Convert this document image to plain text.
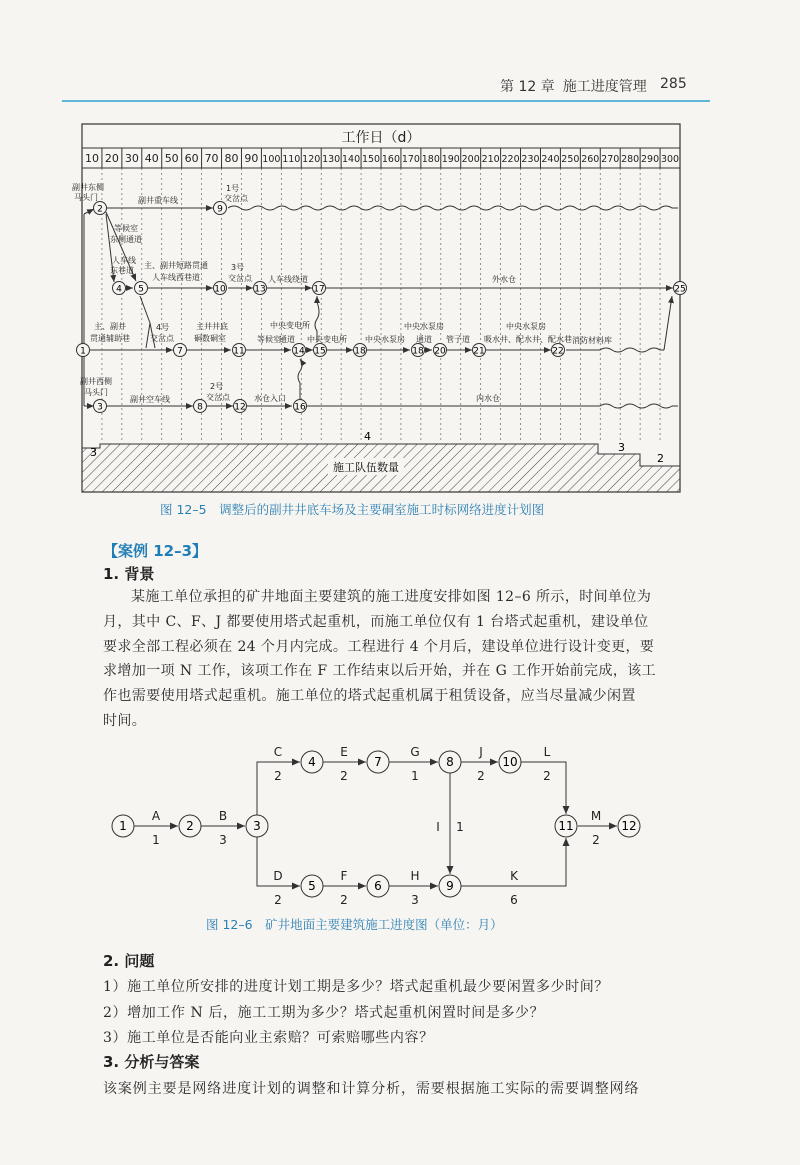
第 12 章 施工进度管理 285
工作日（d）
10 20 30 40 50 60 70 80 90 100 110 120 130 140 150 160 170 180 190 200 210 220 230 240 250 260 270 280 290 300
施工队伍数量
3
4
3
2
2	9
4 5	10	13	17	25
1	7	11	14 15	18	18 20	21	22
3	8	12	16
副井东侧
马头门	副井重车线
1号
交岔点
等候室
东侧通道
人车线
东巷道
主、副井短路贯通
人车线西巷道
3号
交岔点 人车线绕道	外水仓
主、副井
贯通辅助巷
4号
交岔点
主井井底
硐数硐室	等候室
中央变电所
通道 中央变电所
中央水泵房
通道
中央水泵房	管子道
中央水泵房
吸水井、配水井、配水巷 消防材料库
副井西侧
马头门
副井空车线
2号
交岔点	水仓入口	内水仓
图 12–5　调整后的副井井底车场及主要硐室施工时标网络进度计划图
【案例 12–3】
1. 背景
某施工单位承担的矿井地面主要建筑的施工进度安排如图 12–6 所示，时间单位为
月，其中 C、F、J 都要使用塔式起重机，而施工单位仅有 1 台塔式起重机，建设单位
要求全部工程必须在 24 个月内完成。工程进行 4 个月后，建设单位进行设计变更，要
求增加一项 N 工作，该项工作在 F 工作结束以后开始，并在 G 工作开始前完成，该工
作也需要使用塔式起重机。施工单位的塔式起重机属于租赁设备，应当尽量减少闲置
时间。
A
1
B
3
C
2
E
2
G
1
J
2
L
2
M
2
D
2
F
2
H
3
K
6
I 1
1	2	3
4	7	8	10
11	12
5	6	9
图 12–6　矿井地面主要建筑施工进度图（单位：月）
2. 问题
1）施工单位所安排的进度计划工期是多少？塔式起重机最少要闲置多少时间？
2）增加工作 N 后，施工工期为多少？塔式起重机闲置时间是多少？
3）施工单位是否能向业主索赔？可索赔哪些内容？
3. 分析与答案
该案例主要是网络进度计划的调整和计算分析，需要根据施工实际的需要调整网络
